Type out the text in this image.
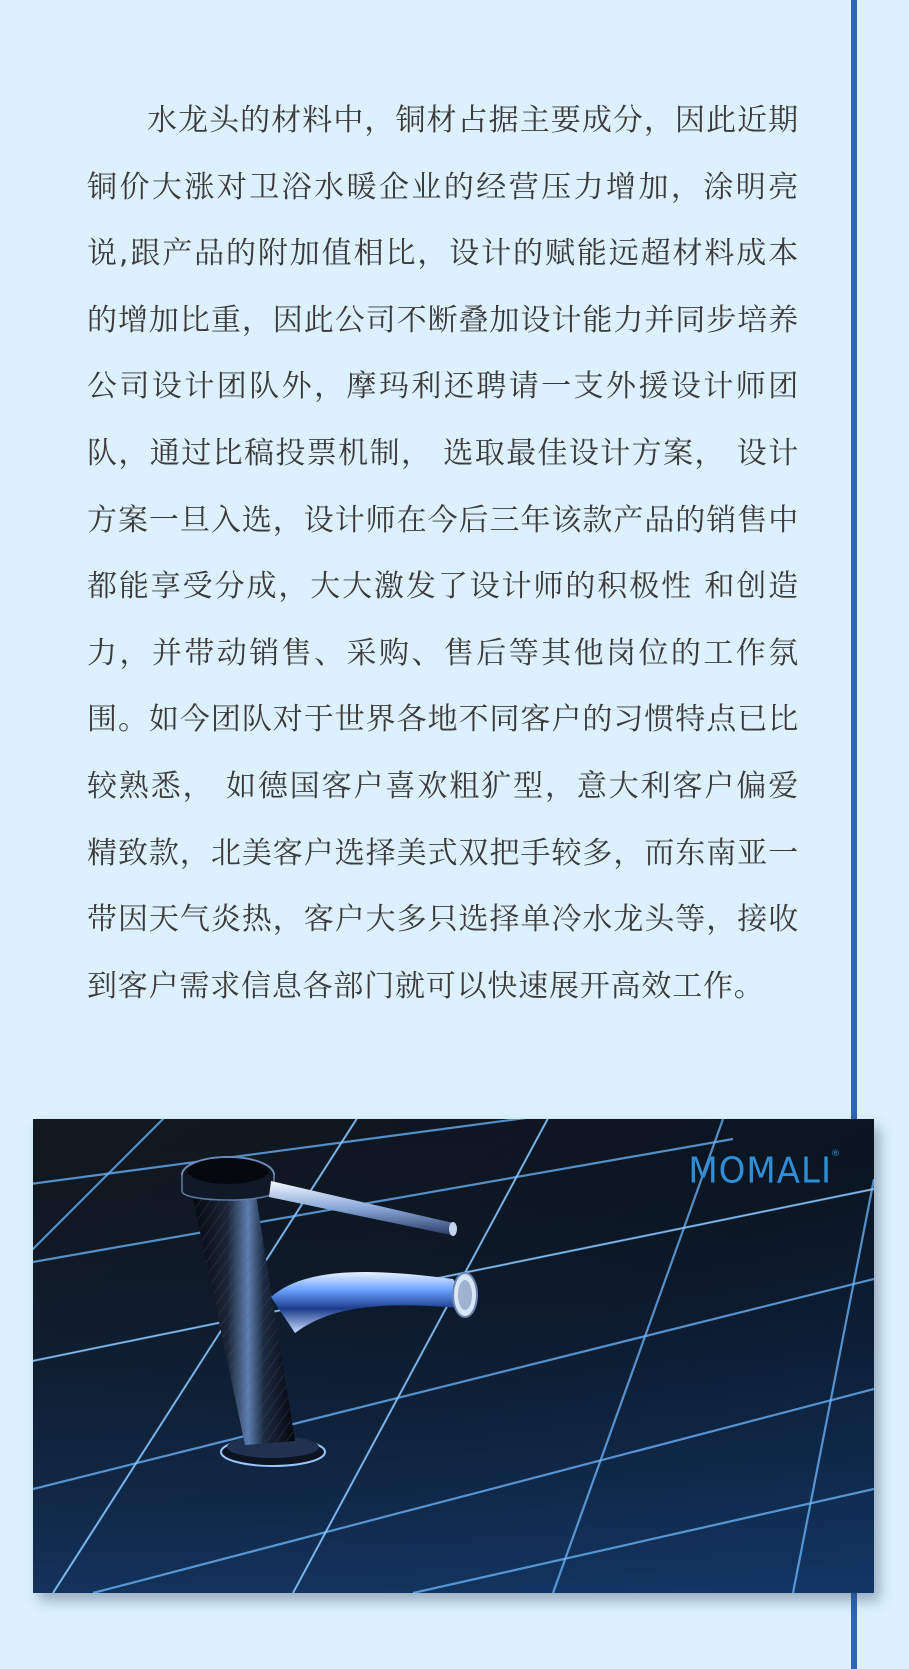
水龙头的材料中，铜材占据主要成分，因此近期铜价大涨对卫浴水暖企业的经营压力增加，涂明亮说,跟产品的附加值相比，设计的赋能远超材料成本的增加比重，因此公司不断叠加设计能力并同步培养公司设计团队外，摩玛利还聘请一支外援设计师团队，通过比稿投票机制， 选取最佳设计方案， 设计方案一旦入选，设计师在今后三年该款产品的销售中都能享受分成，大大激发了设计师的积极性 和创造力，并带动销售、采购、售后等其他岗位的工作氛围。如今团队对于世界各地不同客户的习惯特点已比较熟悉， 如德国客户喜欢粗犷型，意大利客户偏爱精致款，北美客户选择美式双把手较多，而东南亚一带因天气炎热，客户大多只选择单冷水龙头等，接收到客户需求信息各部门就可以快速展开高效工作。

MOMALI ®
